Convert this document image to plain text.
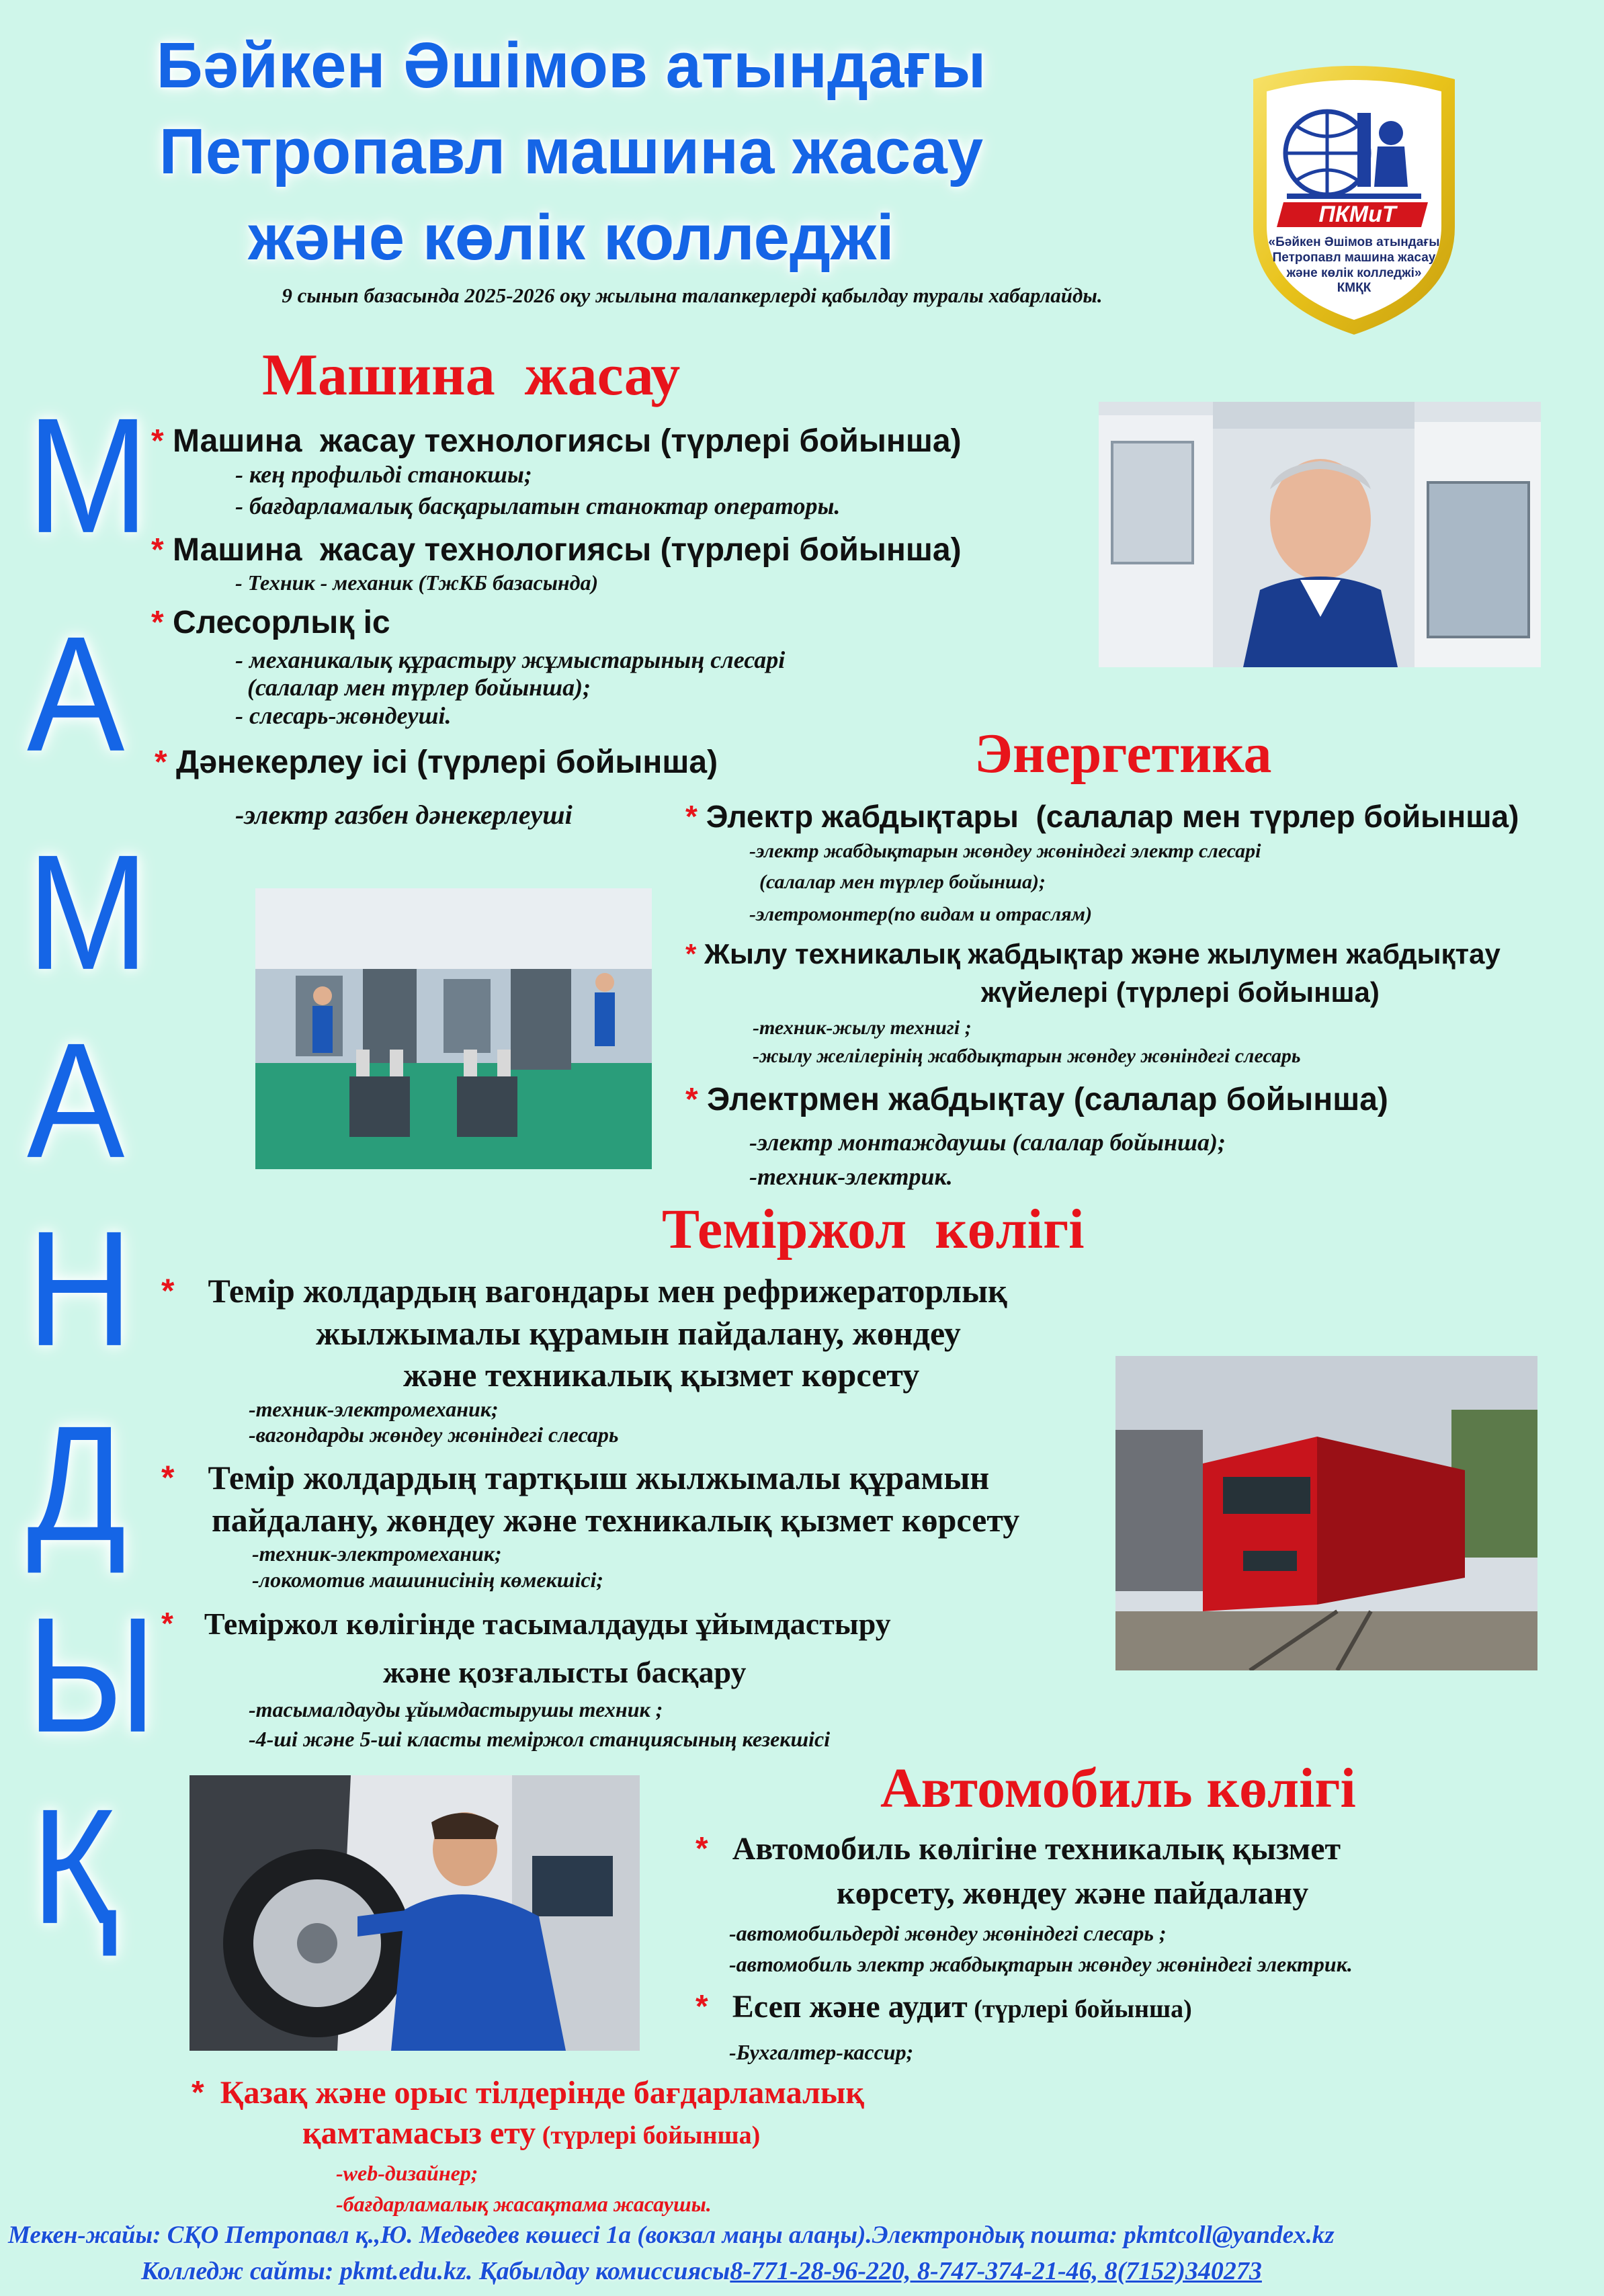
Бәйкен Әшімов атындағы
Петропавл машина жасау
және көлік колледжі
9 сынып базасында 2025-2026 оқу жылына талапкерлерді қабылдау туралы хабарлайды.
ПКМиТ
«Бәйкен Әшімов атындағы
Петропавл машина жасау
және көлік колледжі»
КМҚК
М
А
М
А
Н
Д
Ы
Қ
Машина  жасау
* Машина  жасау технологиясы (түрлері бойынша)
- кең профильді станокшы;
- бағдарламалық басқарылатын станоктар операторы.
* Машина  жасау технологиясы (түрлері бойынша)
- Техник - механик (ТжКБ базасында)
* Слесорлық іс
- механикалық құрастыру жұмыстарының слесарі
(салалар мен түрлер бойынша);
- слесарь-жөндеуші.
* Дәнекерлеу ісі (түрлері бойынша)
-электр газбен дәнекерлеуші
Энергетика
* Электр жабдықтары  (салалар мен түрлер бойынша)
-электр жабдықтарын жөндеу жөніндегі электр слесарі
(салалар мен түрлер бойынша);
-элетромонтер(по видам и отраслям)
* Жылу техникалық жабдықтар және жылумен жабдықтау
жүйелері (түрлері бойынша)
-техник-жылу технигі ;
-жылу желілерінің жабдықтарын жөндеу жөніндегі слесарь
* Электрмен жабдықтау (салалар бойынша)
-электр монтаждаушы (салалар бойынша);
-техник-электрик.
Теміржол  көлігі
* Темір жолдардың вагондары мен рефрижераторлық
жылжымалы құрамын пайдалану, жөндеу
және техникалық қызмет көрсету
-техник-электромеханик;
-вагондарды жөндеу жөніндегі слесарь
* Темір жолдардың тартқыш жылжымалы құрамын
пайдалану, жөндеу және техникалық қызмет көрсету
-техник-электромеханик;
-локомотив машинисінің көмекшісі;
* Теміржол көлігінде тасымалдауды ұйымдастыру
және қозғалысты басқару
-тасымалдауды ұйымдастырушы техник ;
-4-ші және 5-ші класты теміржол станциясының кезекшісі
Автомобиль көлігі
* Автомобиль көлігіне техникалық қызмет
көрсету, жөндеу және пайдалану
-автомобильдерді жөндеу жөніндегі слесарь ;
-автомобиль электр жабдықтарын жөндеу жөніндегі электрик.
* Есеп және аудит (түрлері бойынша)
-Бухгалтер-кассир;
* Қазақ және орыс тілдерінде бағдарламалық
қамтамасыз ету (түрлері бойынша)
-web-дизайнер;
-бағдарламалық жасақтама жасаушы.
Мекен-жайы: СҚО Петропавл қ.,Ю. Медведев көшесі 1а (вокзал маңы алаңы).Электрондық пошта: pkmtcoll@yandex.kz
Колледж сайты: pkmt.edu.kz. Қабылдау комиссиясы8-771-28-96-220, 8-747-374-21-46, 8(7152)340273
